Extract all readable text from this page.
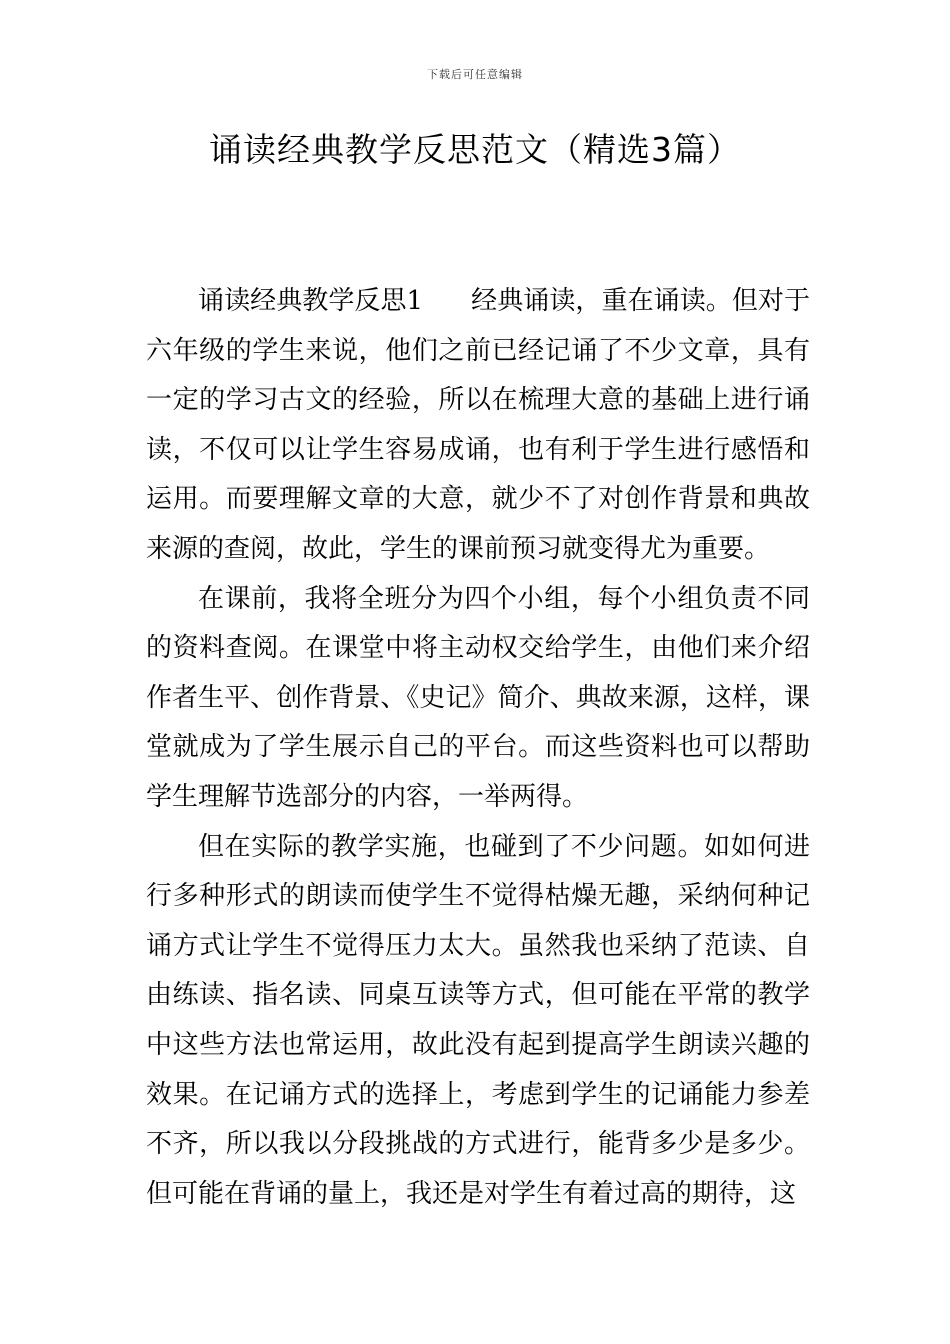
下载后可任意编辑
诵读经典教学反思范文（精选3篇）

诵读经典教学反思1 经典诵读，重在诵读。但对于六年级的学生来说，他们之前已经记诵了不少文章，具有一定的学习古文的经验，所以在梳理大意的基础上进行诵读，不仅可以让学生容易成诵，也有利于学生进行感悟和运用。而要理解文章的大意，就少不了对创作背景和典故来源的查阅，故此，学生的课前预习就变得尤为重要。

在课前，我将全班分为四个小组，每个小组负责不同的资料查阅。在课堂中将主动权交给学生，由他们来介绍作者生平、创作背景、《史记》简介、典故来源，这样，课堂就成为了学生展示自己的平台。而这些资料也可以帮助学生理解节选部分的内容，一举两得。

但在实际的教学实施，也碰到了不少问题。如如何进行多种形式的朗读而使学生不觉得枯燥无趣，采纳何种记诵方式让学生不觉得压力太大。虽然我也采纳了范读、自由练读、指名读、同桌互读等方式，但可能在平常的教学中这些方法也常运用，故此没有起到提高学生朗读兴趣的效果。在记诵方式的选择上，考虑到学生的记诵能力参差不齐，所以我以分段挑战的方式进行，能背多少是多少。但可能在背诵的量上，我还是对学生有着过高的期待，这
